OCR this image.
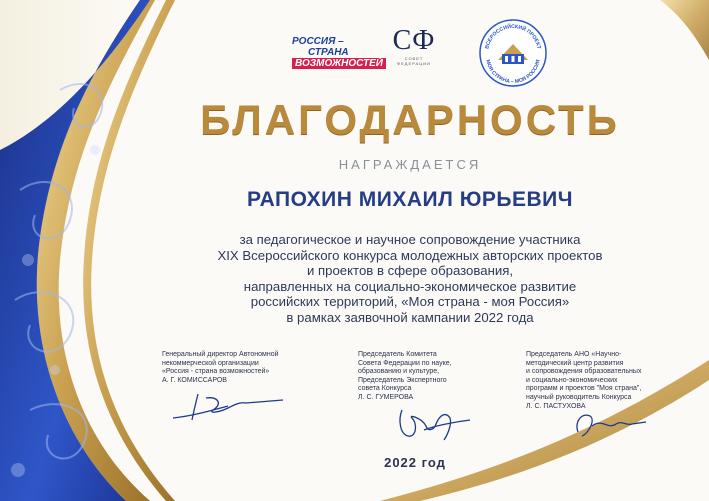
РОССИЯ –
СТРАНА
ВОЗМОЖНОСТЕЙ
СФ
СОВЕТ
ФЕДЕРАЦИИ
ВСЕРОССИЙСКИЙ ПРОЕКТ
МОЯ СТРАНА – МОЯ РОССИЯ
БЛАГОДАРНОСТЬ
НАГРАЖДАЕТСЯ
РАПОХИН МИХАИЛ ЮРЬЕВИЧ
за педагогическое и научное сопровождение участника
XIX Всероссийского конкурса молодежных авторских проектов
и проектов в сфере образования,
направленных на социально-экономическое развитие
российских территорий, «Моя страна - моя Россия»
в рамках заявочной кампании 2022 года
Генеральный директор Автономной
некоммерческой организации
«Россия - страна возможностей»
А. Г. КОМИССАРОВ
Председатель Комитета
Совета Федерации по науке,
образованию и культуре,
Председатель Экспертного
совета Конкурса
Л. С. ГУМЕРОВА
Председатель АНО «Научно-
методический центр развития
и сопровождения образовательных
и социально-экономических
программ и проектов "Моя страна",
научный руководитель Конкурса
Л. С. ПАСТУХОВА
2022 год
